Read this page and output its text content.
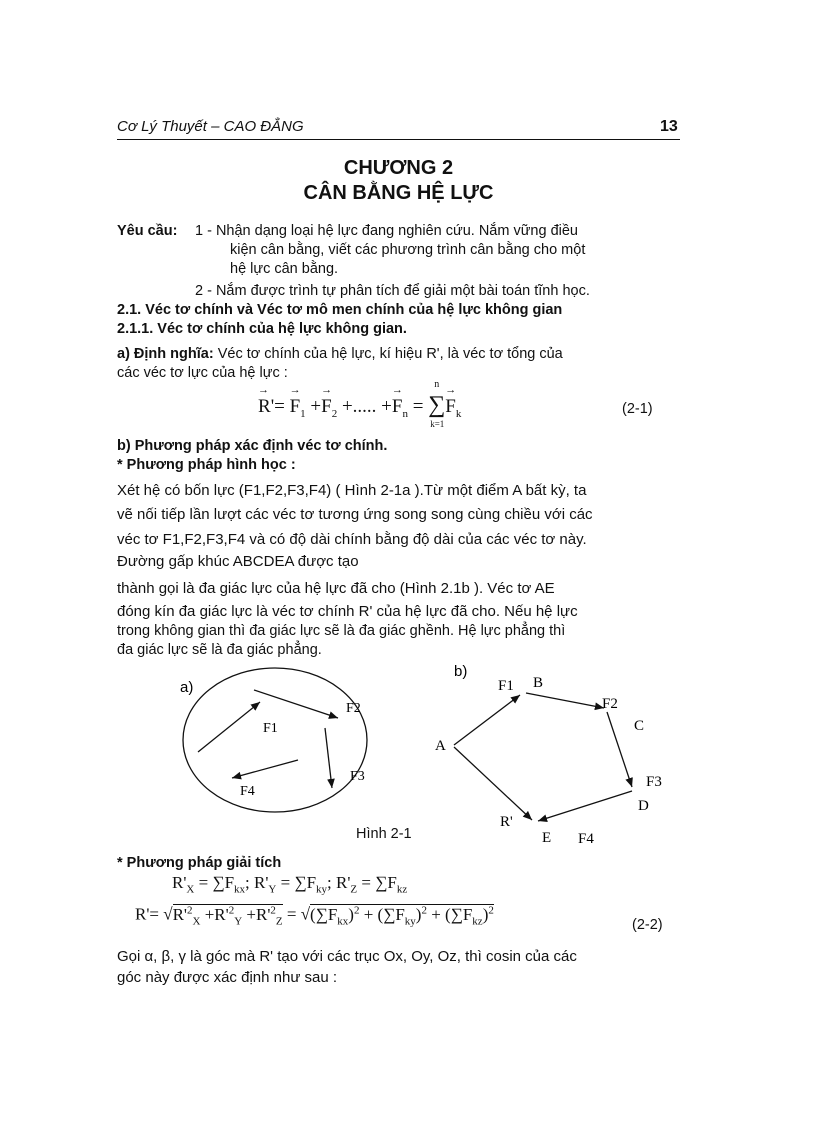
Cơ Lý Thuyết – CAO ĐẲNG	13
CHƯƠNG 2
CÂN BẰNG HỆ LỰC
Yêu cầu: 1 - Nhận dạng loại hệ lực đang nghiên cứu. Nắm vững điều
kiện cân bằng, viết các phương trình cân bằng cho một
hệ lực cân bằng.
2 - Nắm được trình tự phân tích để giải một bài toán tĩnh học.
2.1. Véc tơ chính và Véc tơ mô men chính của hệ lực không gian
2.1.1. Véc tơ chính của hệ lực không gian.
a) Định nghĩa: Véc tơ chính của hệ lực, kí hiệu R', là véc tơ tổng của
các véc tơ lực của hệ lực :
→ $R'= \to F_1 +\to F_2$ +..... +→ $F_n$ = ∑
n
k=1
→ $F_k$	(2-1)
b) Phương pháp xác định véc tơ chính.
* Phương pháp hình học :
Xét hệ có bốn lực (F1,F2,F3,F4) ( Hình 2-1a ).Từ một điểm A bất kỳ, ta
vẽ nối tiếp lần lượt các véc tơ tương ứng song song cùng chiều với các
véc tơ F1,F2,F3,F4 và có độ dài chính bằng độ dài của các véc tơ này.
Đường gấp khúc ABCDEA được tạo
thành gọi là đa giác lực của hệ lực đã cho (Hình 2.1b ). Véc tơ AE
đóng kín đa giác lực là véc tơ chính R' của hệ lực đã cho. Nếu hệ lực
trong không gian thì đa giác lực sẽ là đa giác ghềnh. Hệ lực phẳng thì
đa giác lực sẽ là đa giác phẳng.
a)
F1
F2
F3
F4
b)
A
B
C
D
E
F1
F2
F3
F4
R'
Hình 2-1
* Phương pháp giải tích
$R'_X = \sum F_{kx}$; $R'_Y = \sum F_{ky}$; $R'_Z = \sum F_{kz}$
$R'= √R'^2_X +R'^2_Y +R'^2_Z = √(\sum F_{kx})^2 + (\sum F_{ky})^2 + (\sum F_{kz})^2$
(2-2)
Gọi α, β, γ là góc mà R' tạo với các trục Ox, Oy, Oz, thì cosin của các
góc này được xác định như sau :
